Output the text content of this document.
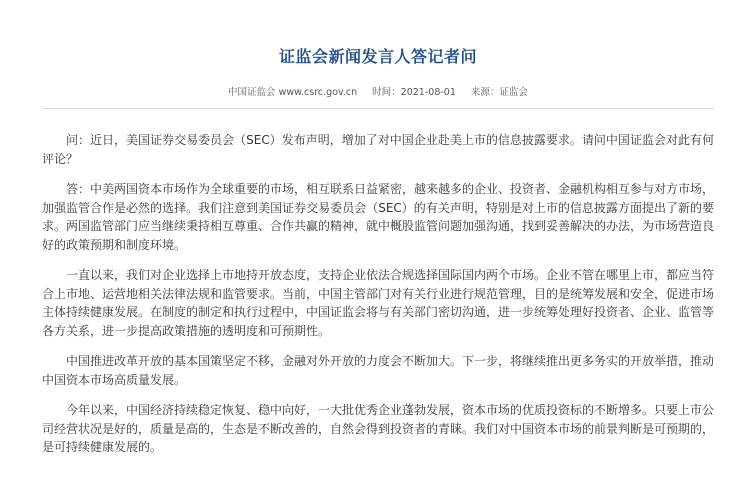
证监会新闻发言人答记者问
中国证监会 www.csrc.gov.cn 时间：2021-08-01 来源：证监会

问：近日，美国证券交易委员会（SEC）发布声明，增加了对中国企业赴美上市的信息披露要求。请问中国证监会对此有何评论？

答：中美两国资本市场作为全球重要的市场，相互联系日益紧密，越来越多的企业、投资者、金融机构相互参与对方市场，加强监管合作是必然的选择。我们注意到美国证券交易委员会（SEC）的有关声明，特别是对上市的信息披露方面提出了新的要求。两国监管部门应当继续秉持相互尊重、合作共赢的精神，就中概股监管问题加强沟通，找到妥善解决的办法，为市场营造良好的政策预期和制度环境。

一直以来，我们对企业选择上市地持开放态度，支持企业依法合规选择国际国内两个市场。企业不管在哪里上市，都应当符合上市地、运营地相关法律法规和监管要求。当前，中国主管部门对有关行业进行规范管理，目的是统筹发展和安全，促进市场主体持续健康发展。在制度的制定和执行过程中，中国证监会将与有关部门密切沟通，进一步统筹处理好投资者、企业、监管等各方关系，进一步提高政策措施的透明度和可预期性。

中国推进改革开放的基本国策坚定不移，金融对外开放的力度会不断加大。下一步，将继续推出更多务实的开放举措，推动中国资本市场高质量发展。

今年以来，中国经济持续稳定恢复、稳中向好，一大批优秀企业蓬勃发展，资本市场的优质投资标的不断增多。只要上市公司经营状况是好的，质量是高的，生态是不断改善的，自然会得到投资者的青睐。我们对中国资本市场的前景判断是可预期的，是可持续健康发展的。
